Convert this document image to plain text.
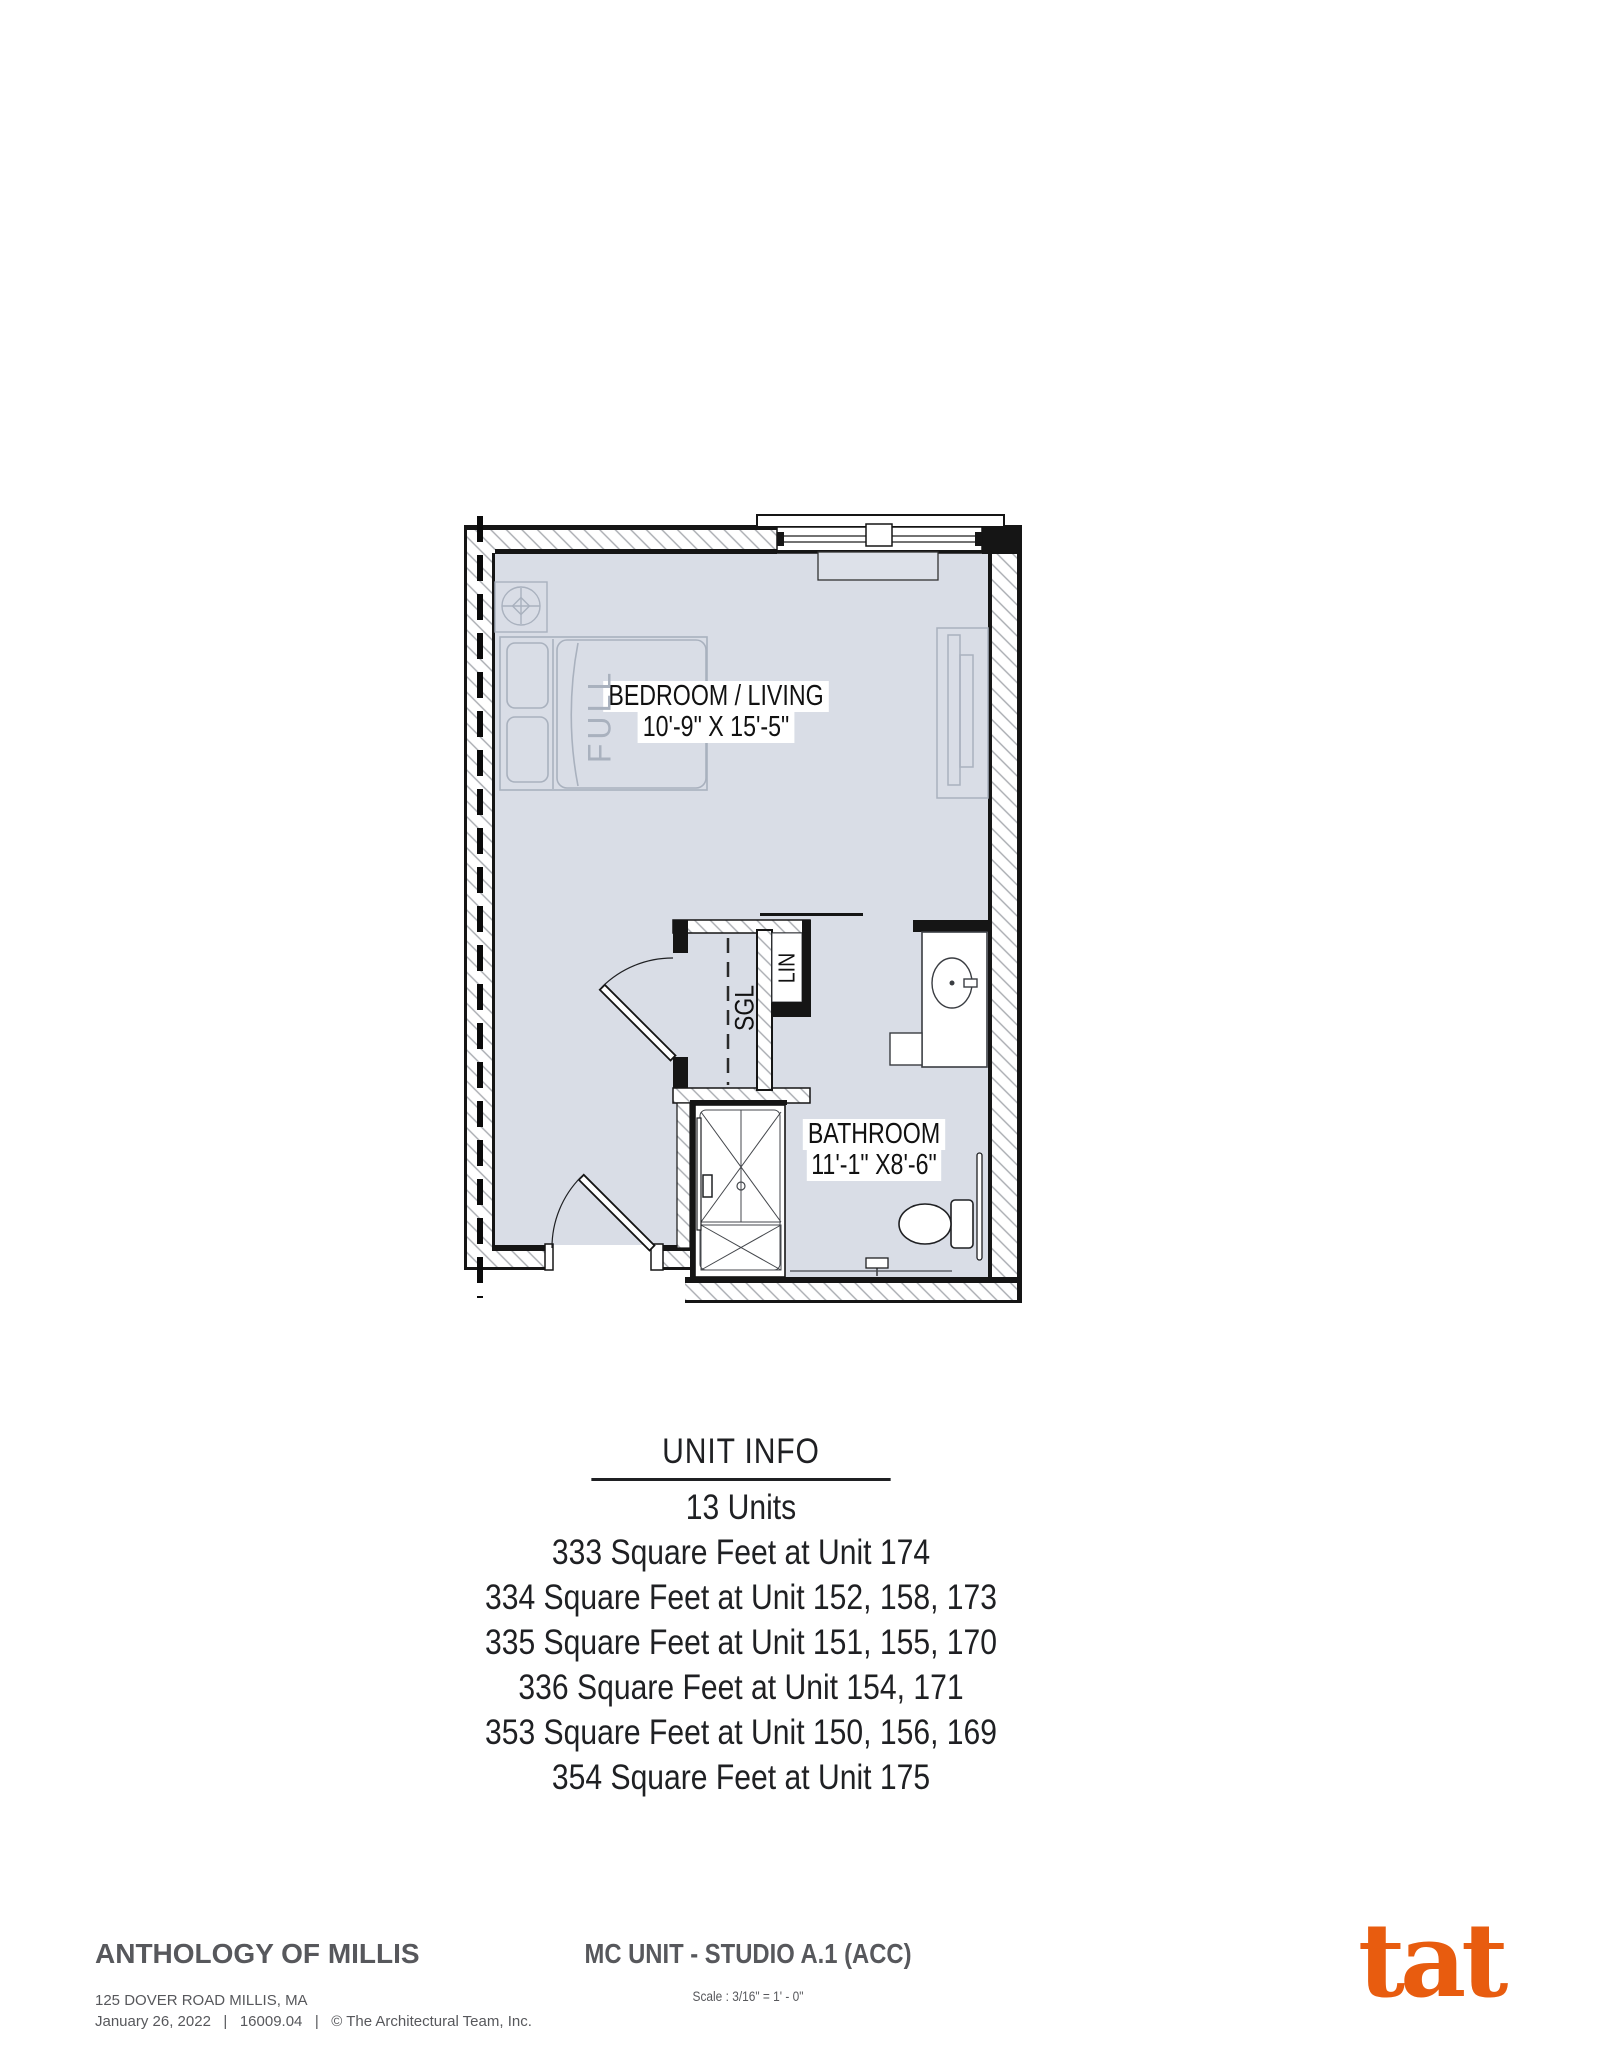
BEDROOM / LIVING
10'-9" X 15'-5"
BATHROOM
11'-1" X8'-6"
FULL
SGL
LIN
UNIT INFO
13 Units
333 Square Feet at Unit 174
334 Square Feet at Unit 152, 158, 173
335 Square Feet at Unit 151, 155, 170
336 Square Feet at Unit 154, 171
353 Square Feet at Unit 150, 156, 169
354 Square Feet at Unit 175
ANTHOLOGY OF MILLIS
125 DOVER ROAD MILLIS, MA
January 26, 2022   |   16009.04   |   © The Architectural Team, Inc.
MC UNIT - STUDIO A.1 (ACC)
Scale : 3/16" = 1' - 0"	tat
